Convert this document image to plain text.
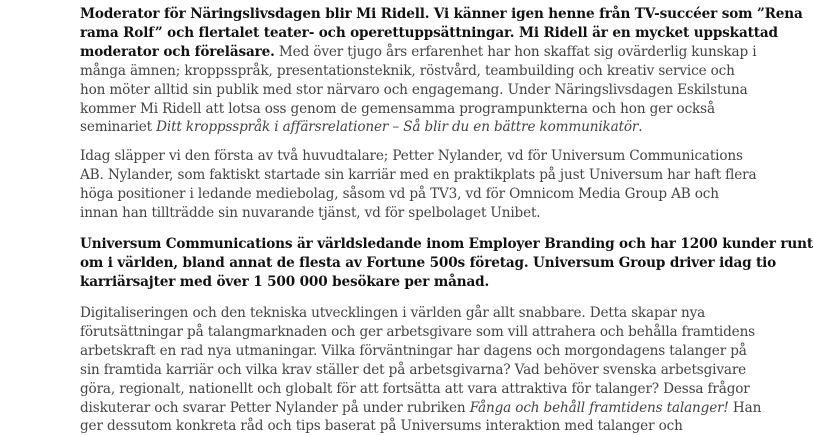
Moderator för Näringslivsdagen blir Mi Ridell. Vi känner igen henne från TV-succéer som ”Rena
rama Rolf” och flertalet teater- och operettuppsättningar. Mi Ridell är en mycket uppskattad
moderator och föreläsare. Med över tjugo års erfarenhet har hon skaffat sig ovärderlig kunskap i
många ämnen; kroppsspråk, presentationsteknik, röstvård, teambuilding och kreativ service och
hon möter alltid sin publik med stor närvaro och engagemang. Under Näringslivsdagen Eskilstuna
kommer Mi Ridell att lotsa oss genom de gemensamma programpunkterna och hon ger också
seminariet Ditt kroppsspråk i affärsrelationer – Så blir du en bättre kommunikatör.
Idag släpper vi den första av två huvudtalare; Petter Nylander, vd för Universum Communications
AB. Nylander, som faktiskt startade sin karriär med en praktikplats på just Universum har haft flera
höga positioner i ledande mediebolag, såsom vd på TV3, vd för Omnicom Media Group AB och
innan han tillträdde sin nuvarande tjänst, vd för spelbolaget Unibet.
Universum Communications är världsledande inom Employer Branding och har 1200 kunder runt
om i världen, bland annat de flesta av Fortune 500s företag. Universum Group driver idag tio
karriärsajter med över 1 500 000 besökare per månad.
Digitaliseringen och den tekniska utvecklingen i världen går allt snabbare. Detta skapar nya
förutsättningar på talangmarknaden och ger arbetsgivare som vill attrahera och behålla framtidens
arbetskraft en rad nya utmaningar. Vilka förväntningar har dagens och morgondagens talanger på
sin framtida karriär och vilka krav ställer det på arbetsgivarna? Vad behöver svenska arbetsgivare
göra, regionalt, nationellt och globalt för att fortsätta att vara attraktiva för talanger? Dessa frågor
diskuterar och svarar Petter Nylander på under rubriken Fånga och behåll framtidens talanger! Han
ger dessutom konkreta råd och tips baserat på Universums interaktion med talanger och
